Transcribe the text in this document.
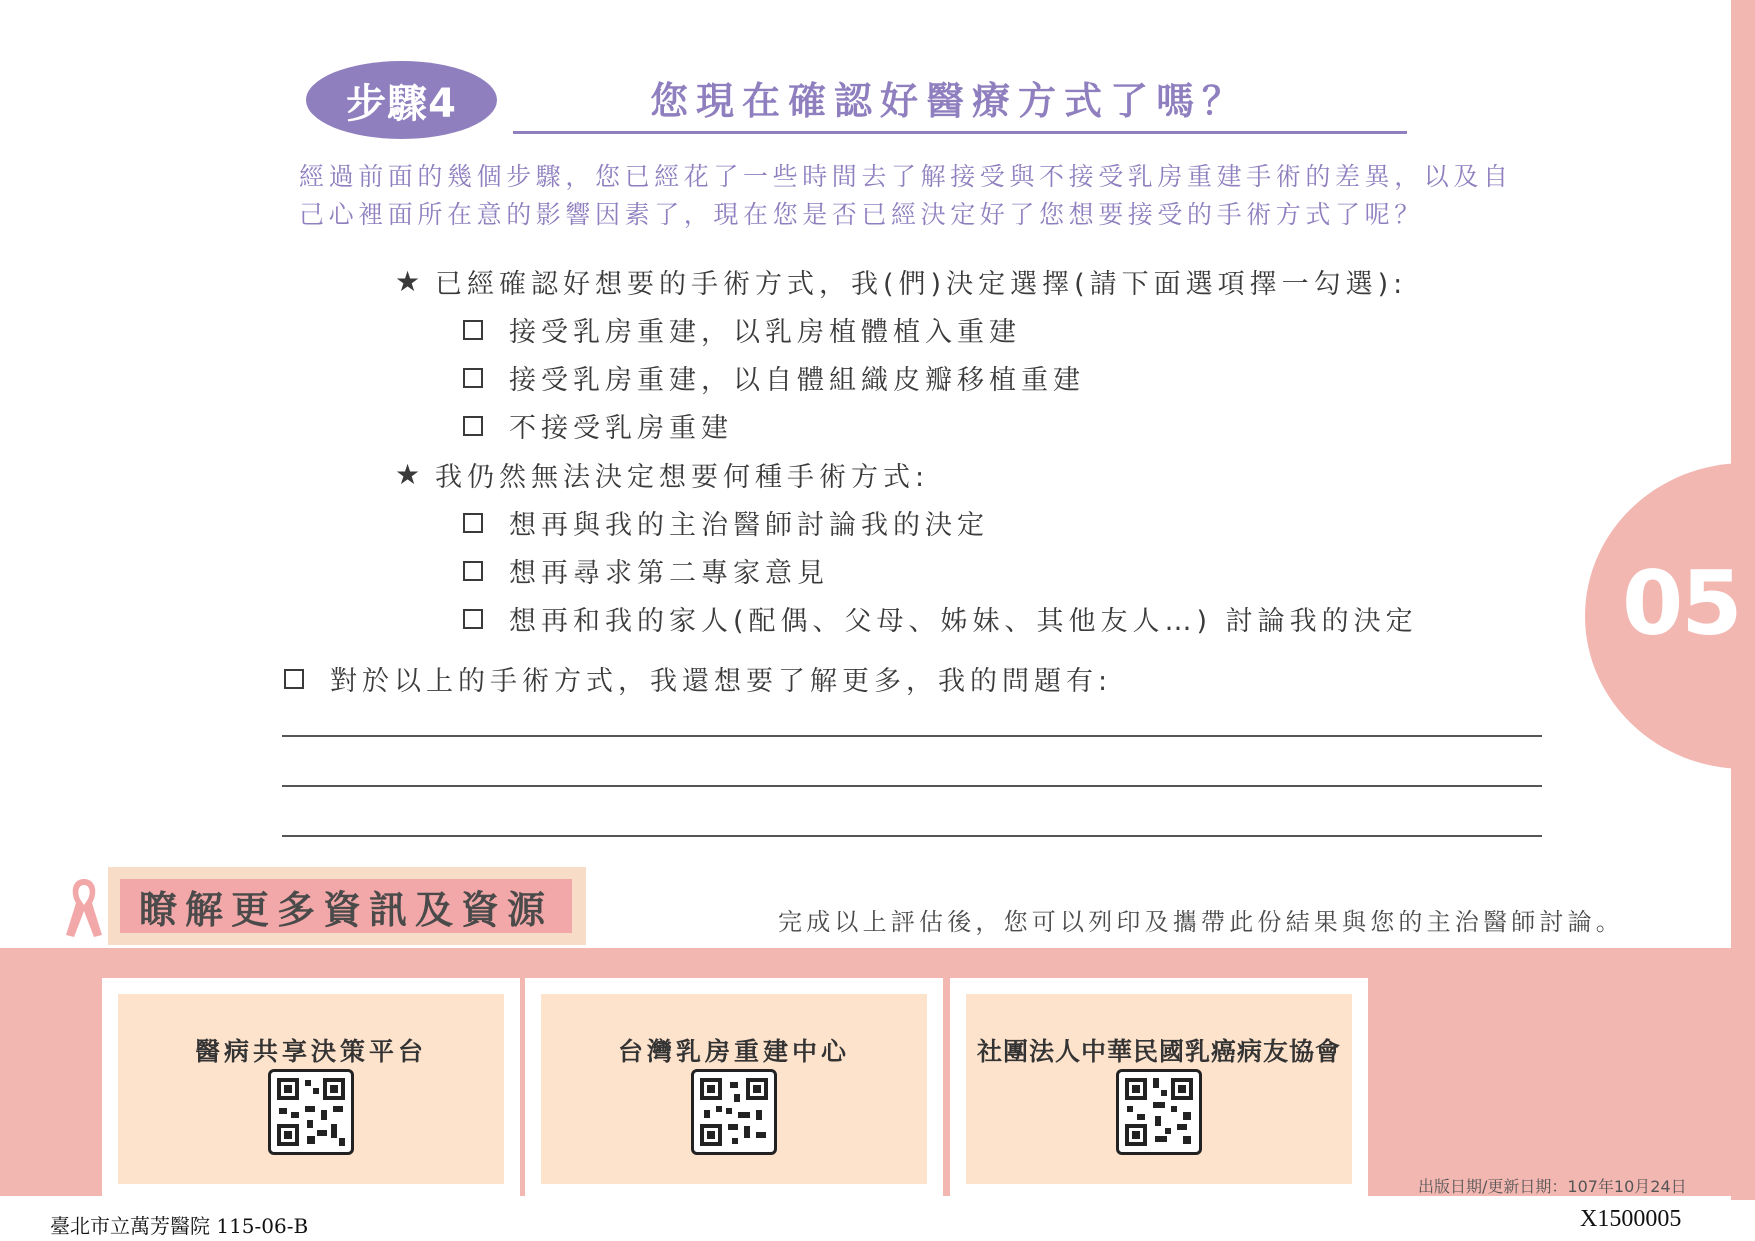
05
步驟4	您現在確認好醫療方式了嗎？
經過前面的幾個步驟，您已經花了一些時間去了解接受與不接受乳房重建手術的差異，以及自
己心裡面所在意的影響因素了，現在您是否已經決定好了您想要接受的手術方式了呢？
★ 已經確認好想要的手術方式，我(們)決定選擇(請下面選項擇一勾選):
接受乳房重建，以乳房植體植入重建
接受乳房重建，以自體組織皮瓣移植重建
不接受乳房重建
★ 我仍然無法決定想要何種手術方式:
想再與我的主治醫師討論我的決定
想再尋求第二專家意見
想再和我的家人(配偶、父母、姊妹、其他友人…) 討論我的決定
對於以上的手術方式，我還想要了解更多，我的問題有:
瞭解更多資訊及資源	完成以上評估後，您可以列印及攜帶此份結果與您的主治醫師討論。
醫病共享決策平台	台灣乳房重建中心	社團法人中華民國乳癌病友協會
出版日期/更新日期：107年10月24日
臺北市立萬芳醫院 115-06-B	X1500005
